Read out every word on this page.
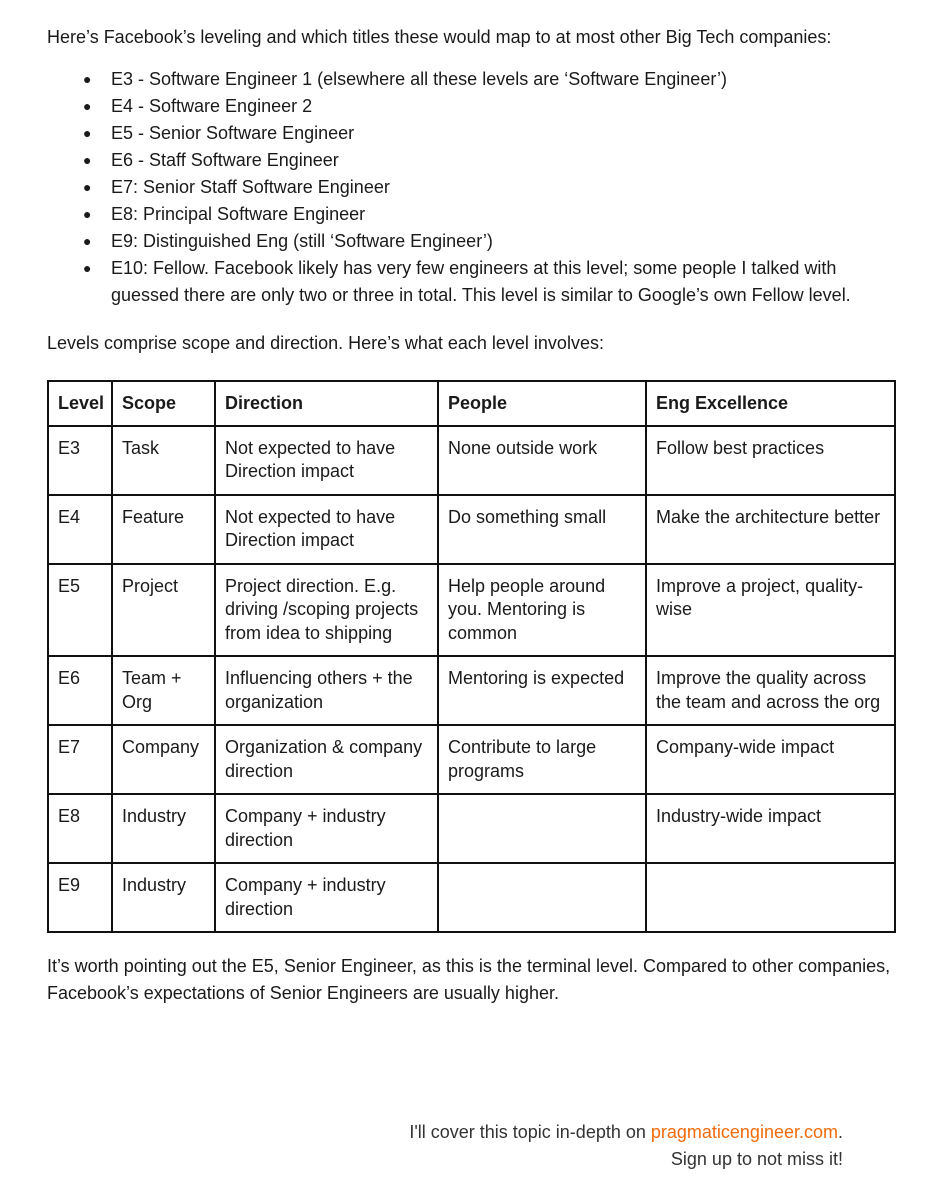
Here’s Facebook’s leveling and which titles these would map to at most other Big Tech companies:

● E3 - Software Engineer 1 (elsewhere all these levels are ‘Software Engineer’)
● E4 - Software Engineer 2
● E5 - Senior Software Engineer
● E6 - Staff Software Engineer
● E7: Senior Staff Software Engineer
● E8: Principal Software Engineer
● E9: Distinguished Eng (still ‘Software Engineer’)
● E10: Fellow. Facebook likely has very few engineers at this level; some people I talked with guessed there are only two or three in total. This level is similar to Google’s own Fellow level.

Levels comprise scope and direction. Here’s what each level involves:

Level	Scope	Direction	People	Eng Excellence
E3	Task	Not expected to have Direction impact	None outside work	Follow best practices
E4	Feature	Not expected to have Direction impact	Do something small	Make the architecture better
E5	Project	Project direction. E.g. driving /scoping projects from idea to shipping	Help people around you. Mentoring is common	Improve a project, quality-wise
E6	Team + Org	Influencing others + the organization	Mentoring is expected	Improve the quality across the team and across the org
E7	Company	Organization & company direction	Contribute to large programs	Company-wide impact
E8	Industry	Company + industry direction		Industry-wide impact
E9	Industry	Company + industry direction		

It’s worth pointing out the E5, Senior Engineer, as this is the terminal level. Compared to other companies, Facebook’s expectations of Senior Engineers are usually higher.

I'll cover this topic in-depth on pragmaticengineer.com.
Sign up to not miss it!
